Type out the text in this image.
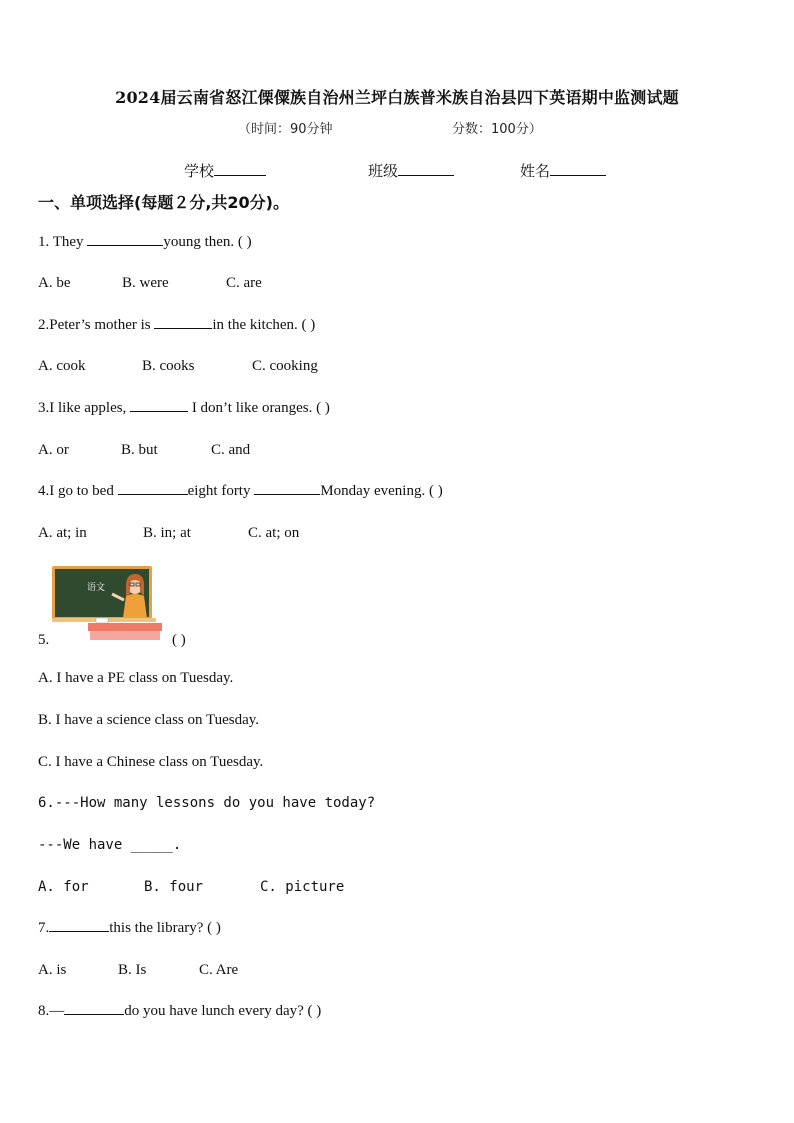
2024届云南省怒江傈僳族自治州兰坪白族普米族自治县四下英语期中监测试题
（时间：90分钟	分数：100分）
学校	班级	姓名
一、单项选择(每题２分,共20分)。
1. They	young then. ( )
A. be	B. were	C. are
2.Peter’s mother is	in the kitchen. ( )
A. cook	B. cooks	C. cooking
3.I like apples,	I don’t like oranges. ( )
A. or	B. but	C. and
4.I go to bed	eight forty	Monday evening. ( )
A. at; in	B. in; at	C. at; on
语文
5.	( )
A. I have a PE class on Tuesday.
B. I have a science class on Tuesday.
C. I have a Chinese class on Tuesday.
6.---How many lessons do you have today?
---We have _____.
A. for	B. four	C. picture
7.	this the library? ( )
A. is	B. Is	C. Are
8.—	do you have lunch every day? ( )
